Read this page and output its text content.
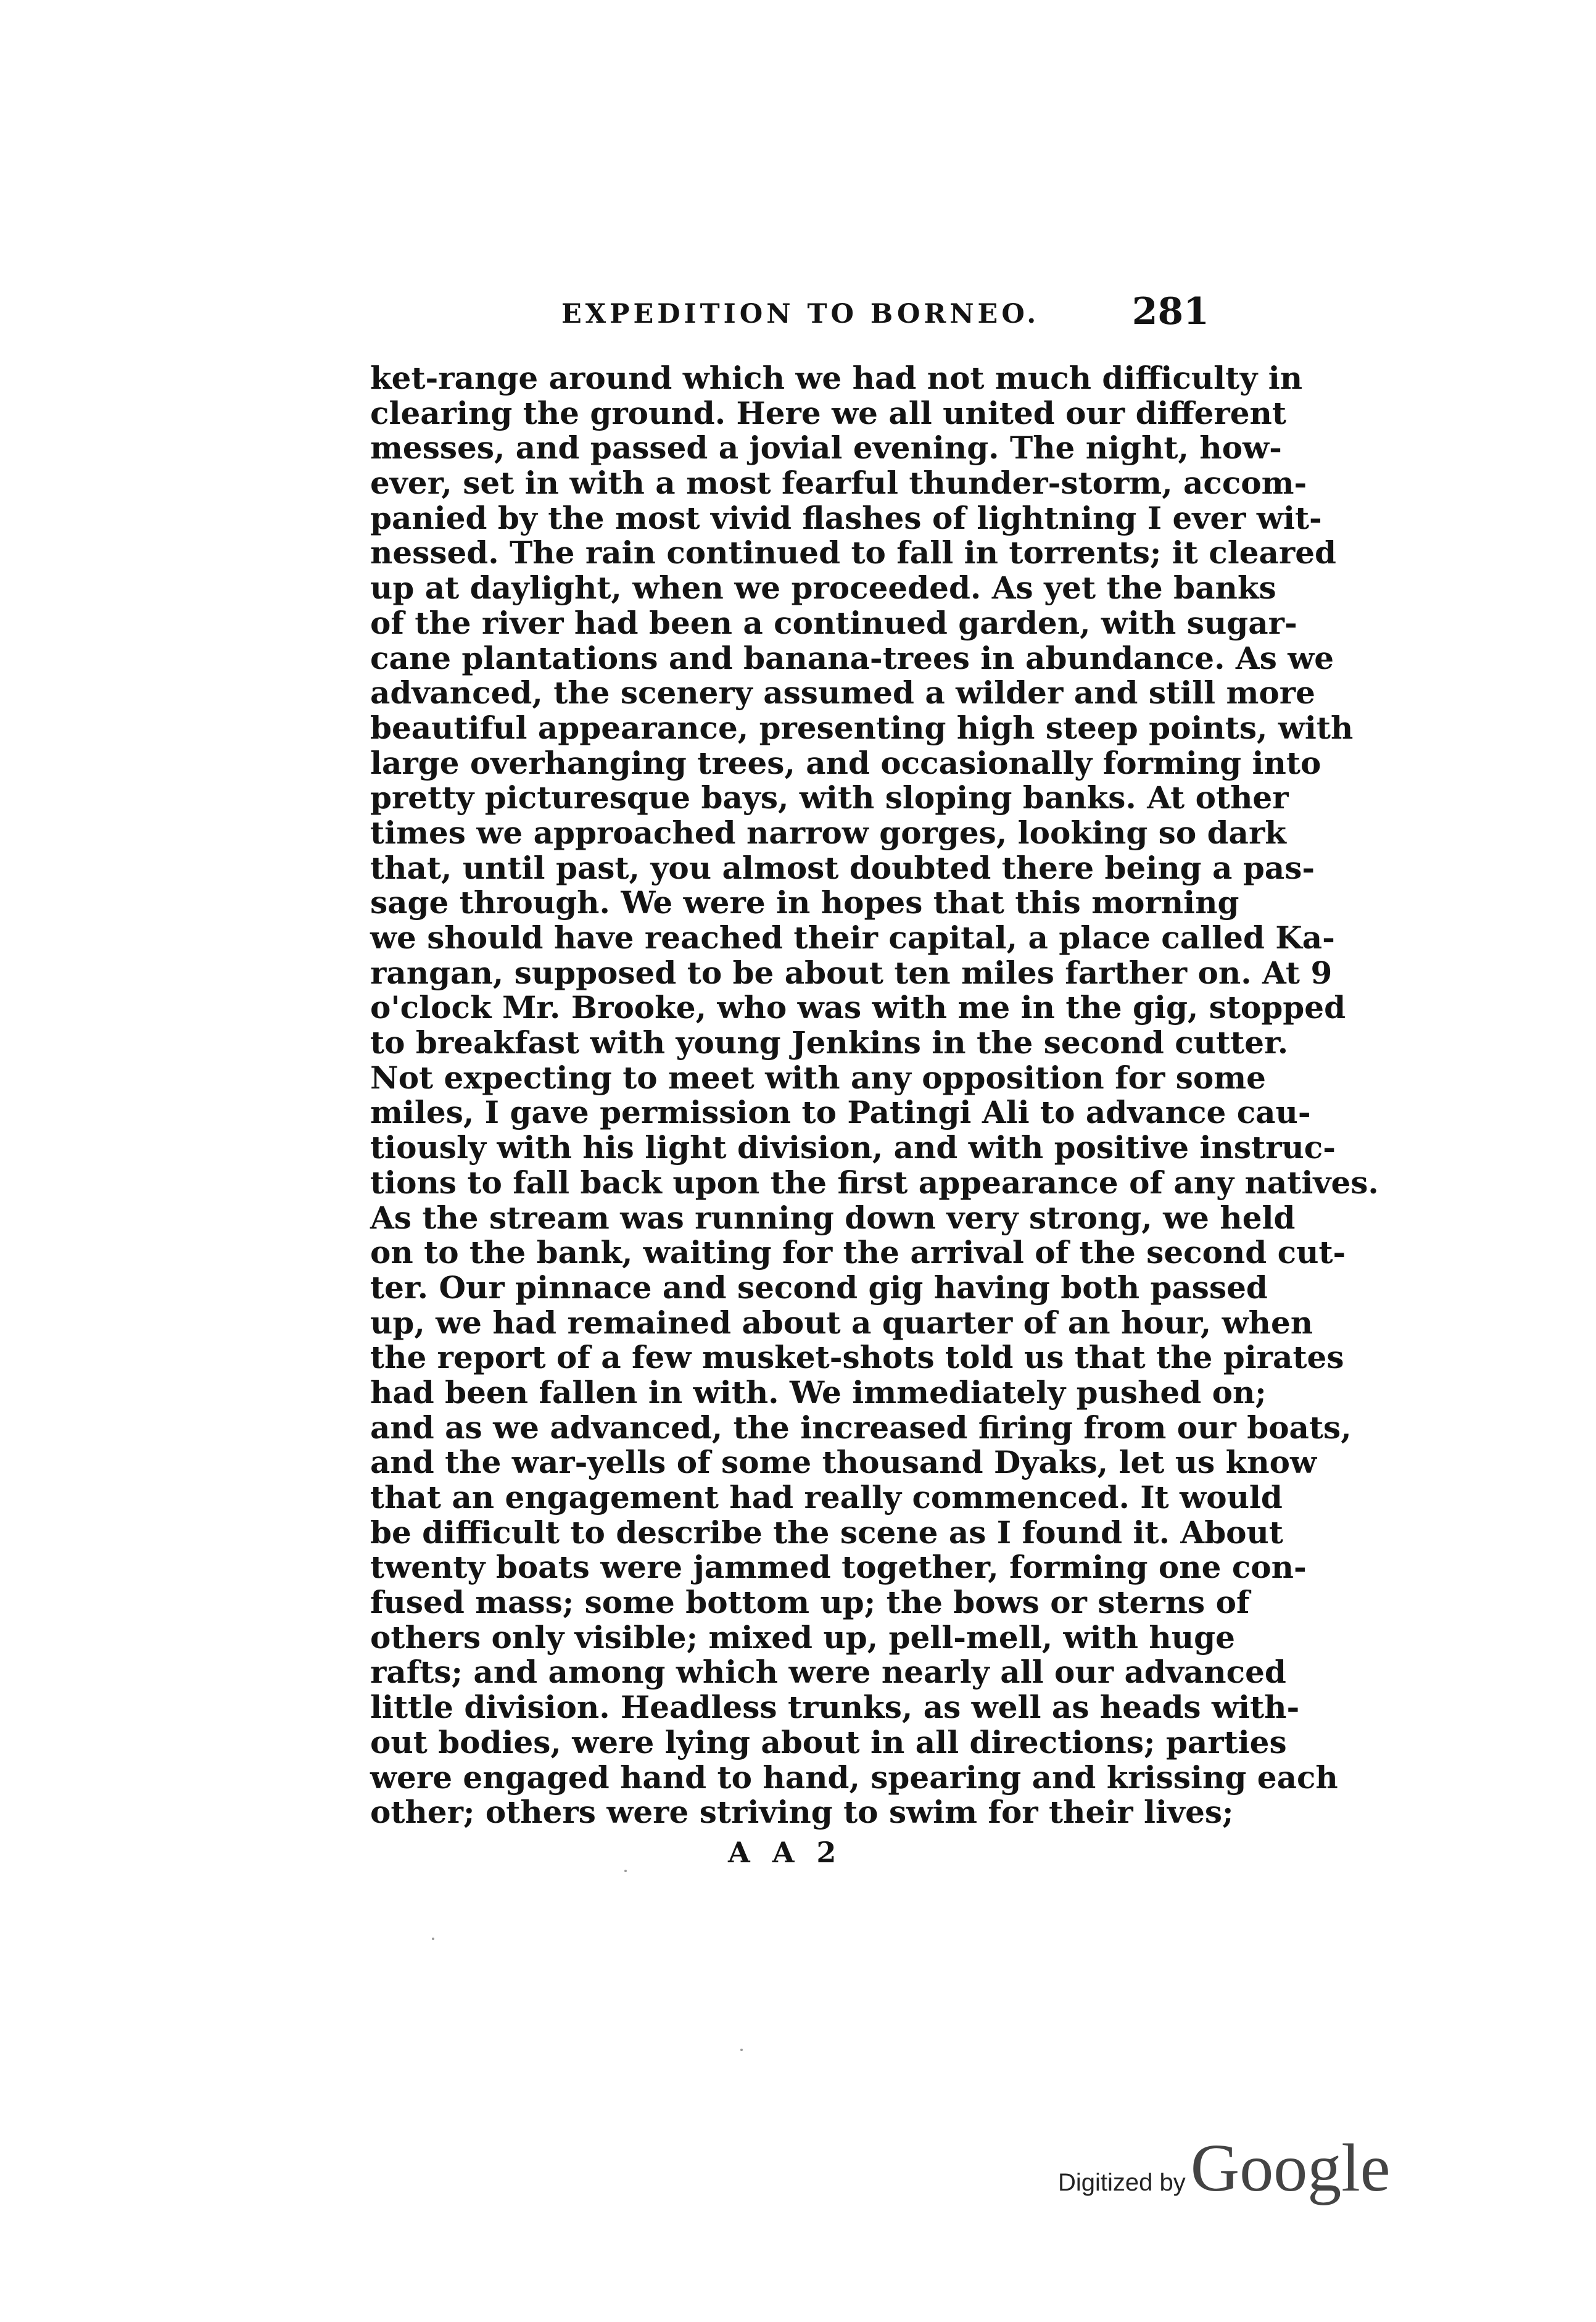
EXPEDITION TO BORNEO. 281
ket-range around which we had not much difficulty in
clearing the ground. Here we all united our different
messes, and passed a jovial evening. The night, how-
ever, set in with a most fearful thunder-storm, accom-
panied by the most vivid flashes of lightning I ever wit-
nessed. The rain continued to fall in torrents; it cleared
up at daylight, when we proceeded. As yet the banks
of the river had been a continued garden, with sugar-
cane plantations and banana-trees in abundance. As we
advanced, the scenery assumed a wilder and still more
beautiful appearance, presenting high steep points, with
large overhanging trees, and occasionally forming into
pretty picturesque bays, with sloping banks. At other
times we approached narrow gorges, looking so dark
that, until past, you almost doubted there being a pas-
sage through. We were in hopes that this morning
we should have reached their capital, a place called Ka-
rangan, supposed to be about ten miles farther on. At 9
o'clock Mr. Brooke, who was with me in the gig, stopped
to breakfast with young Jenkins in the second cutter.
Not expecting to meet with any opposition for some
miles, I gave permission to Patingi Ali to advance cau-
tiously with his light division, and with positive instruc-
tions to fall back upon the first appearance of any natives.
As the stream was running down very strong, we held
on to the bank, waiting for the arrival of the second cut-
ter. Our pinnace and second gig having both passed
up, we had remained about a quarter of an hour, when
the report of a few musket-shots told us that the pirates
had been fallen in with. We immediately pushed on;
and as we advanced, the increased firing from our boats,
and the war-yells of some thousand Dyaks, let us know
that an engagement had really commenced. It would
be difficult to describe the scene as I found it. About
twenty boats were jammed together, forming one con-
fused mass; some bottom up; the bows or sterns of
others only visible; mixed up, pell-mell, with huge
rafts; and among which were nearly all our advanced
little division. Headless trunks, as well as heads with-
out bodies, were lying about in all directions; parties
were engaged hand to hand, spearing and krissing each
other; others were striving to swim for their lives;
A A 2
Digitized byGoogle
